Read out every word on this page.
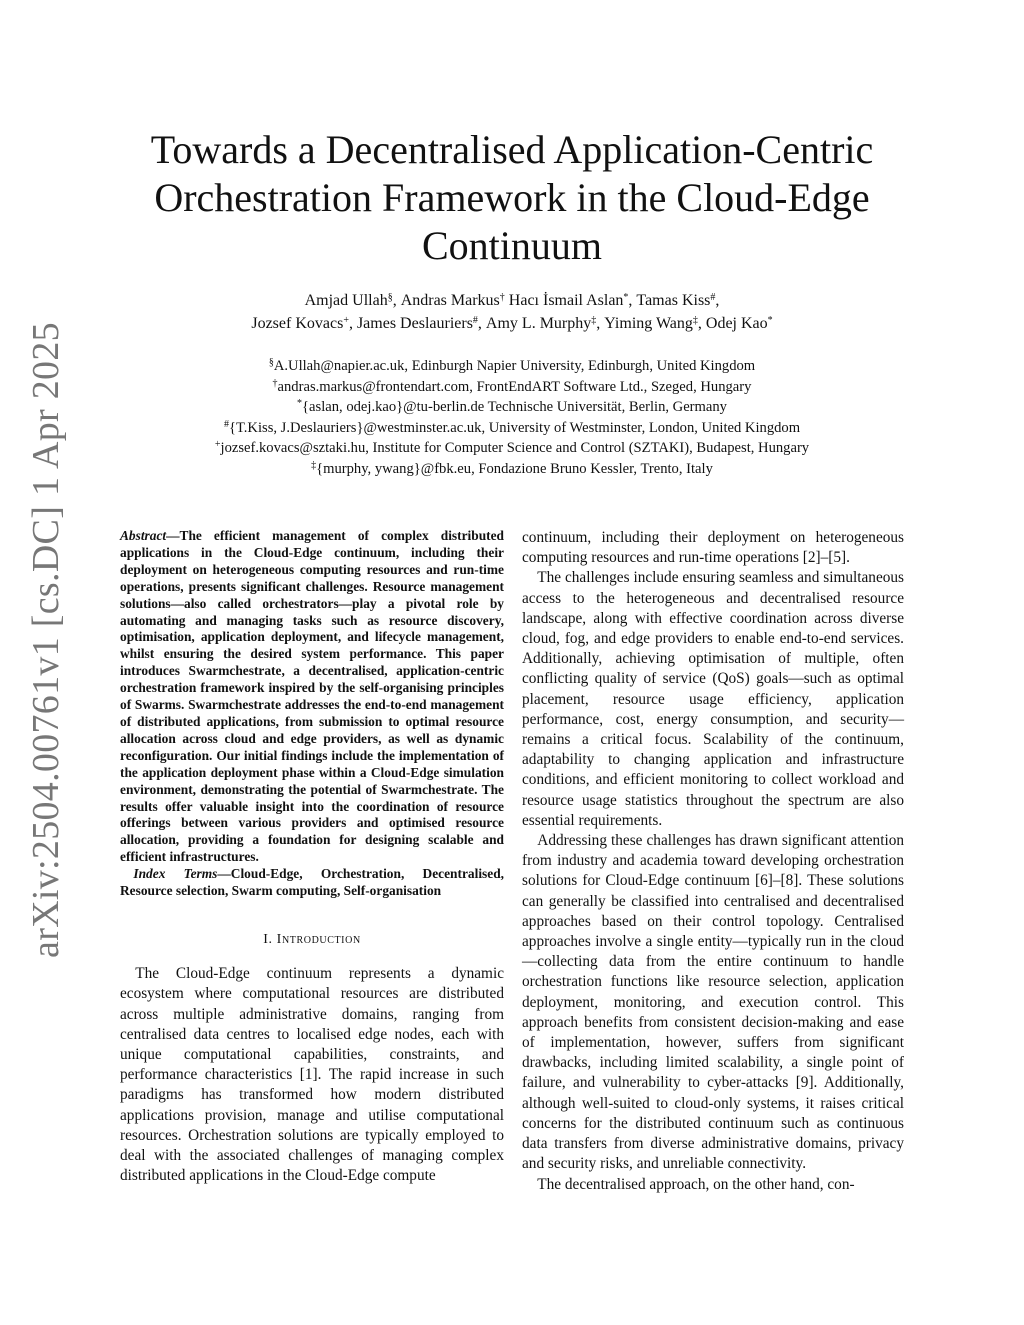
arXiv:2504.00761v1 [cs.DC] 1 Apr 2025
Towards a Decentralised Application-Centric
Orchestration Framework in the Cloud-Edge
Continuum
Amjad Ullah§, Andras Markus† Hacı İsmail Aslan*, Tamas Kiss#,
Jozsef Kovacs+, James Deslauriers#, Amy L. Murphy‡, Yiming Wang‡, Odej Kao*
§A.Ullah@napier.ac.uk, Edinburgh Napier University, Edinburgh, United Kingdom
†andras.markus@frontendart.com, FrontEndART Software Ltd., Szeged, Hungary
*{aslan, odej.kao}@tu-berlin.de Technische Universität, Berlin, Germany
#{T.Kiss, J.Deslauriers}@westminster.ac.uk, University of Westminster, London, United Kingdom
+jozsef.kovacs@sztaki.hu, Institute for Computer Science and Control (SZTAKI), Budapest, Hungary
‡{murphy, ywang}@fbk.eu, Fondazione Bruno Kessler, Trento, Italy

Abstract—The efficient management of complex distributed applications in the Cloud-Edge continuum, including their deployment on heterogeneous computing resources and run-time operations, presents significant challenges. Resource management solutions—also called orchestrators—play a pivotal role by automating and managing tasks such as resource discovery, optimisation, application deployment, and lifecycle management, whilst ensuring the desired system performance. This paper introduces Swarmchestrate, a decentralised, application-centric orchestration framework inspired by the self-organising principles of Swarms. Swarmchestrate addresses the end-to-end management of distributed applications, from submission to optimal resource allocation across cloud and edge providers, as well as dynamic reconfiguration. Our initial findings include the implementation of the application deployment phase within a Cloud-Edge simulation environment, demonstrating the potential of Swarmchestrate. The results offer valuable insight into the coordination of resource offerings between various providers and optimised resource allocation, providing a foundation for designing scalable and efficient infrastructures.

Index Terms—Cloud-Edge, Orchestration, Decentralised, Resource selection, Swarm computing, Self-organisation

I. Introduction

The Cloud-Edge continuum represents a dynamic ecosystem where computational resources are distributed across multiple administrative domains, ranging from centralised data centres to localised edge nodes, each with unique computational capabilities, constraints, and performance characteristics [1]. The rapid increase in such paradigms has transformed how modern distributed applications provision, manage and utilise computational resources. Orchestration solutions are typically employed to deal with the associated challenges of managing complex distributed applications in the Cloud-Edge compute

continuum, including their deployment on heterogeneous computing resources and run-time operations [2]–[5].

The challenges include ensuring seamless and simultaneous access to the heterogeneous and decentralised resource landscape, along with effective coordination across diverse cloud, fog, and edge providers to enable end-to-end services. Additionally, achieving optimisation of multiple, often conflicting quality of service (QoS) goals—such as optimal placement, resource usage efficiency, application performance, cost, energy consumption, and security—remains a critical focus. Scalability of the continuum, adaptability to changing application and infrastructure conditions, and efficient monitoring to collect workload and resource usage statistics throughout the spectrum are also essential requirements.

Addressing these challenges has drawn significant attention from industry and academia toward developing orchestration solutions for Cloud-Edge continuum [6]–[8]. These solutions can generally be classified into centralised and decentralised approaches based on their control topology. Centralised approaches involve a single entity—typically run in the cloud—collecting data from the entire continuum to handle orchestration functions like resource selection, application deployment, monitoring, and execution control. This approach benefits from consistent decision-making and ease of implementation, however, suffers from significant drawbacks, including limited scalability, a single point of failure, and vulnerability to cyber-attacks [9]. Additionally, although well-suited to cloud-only systems, it raises critical concerns for the distributed continuum such as continuous data transfers from diverse administrative domains, privacy and security risks, and unreliable connectivity.

The decentralised approach, on the other hand, con-
